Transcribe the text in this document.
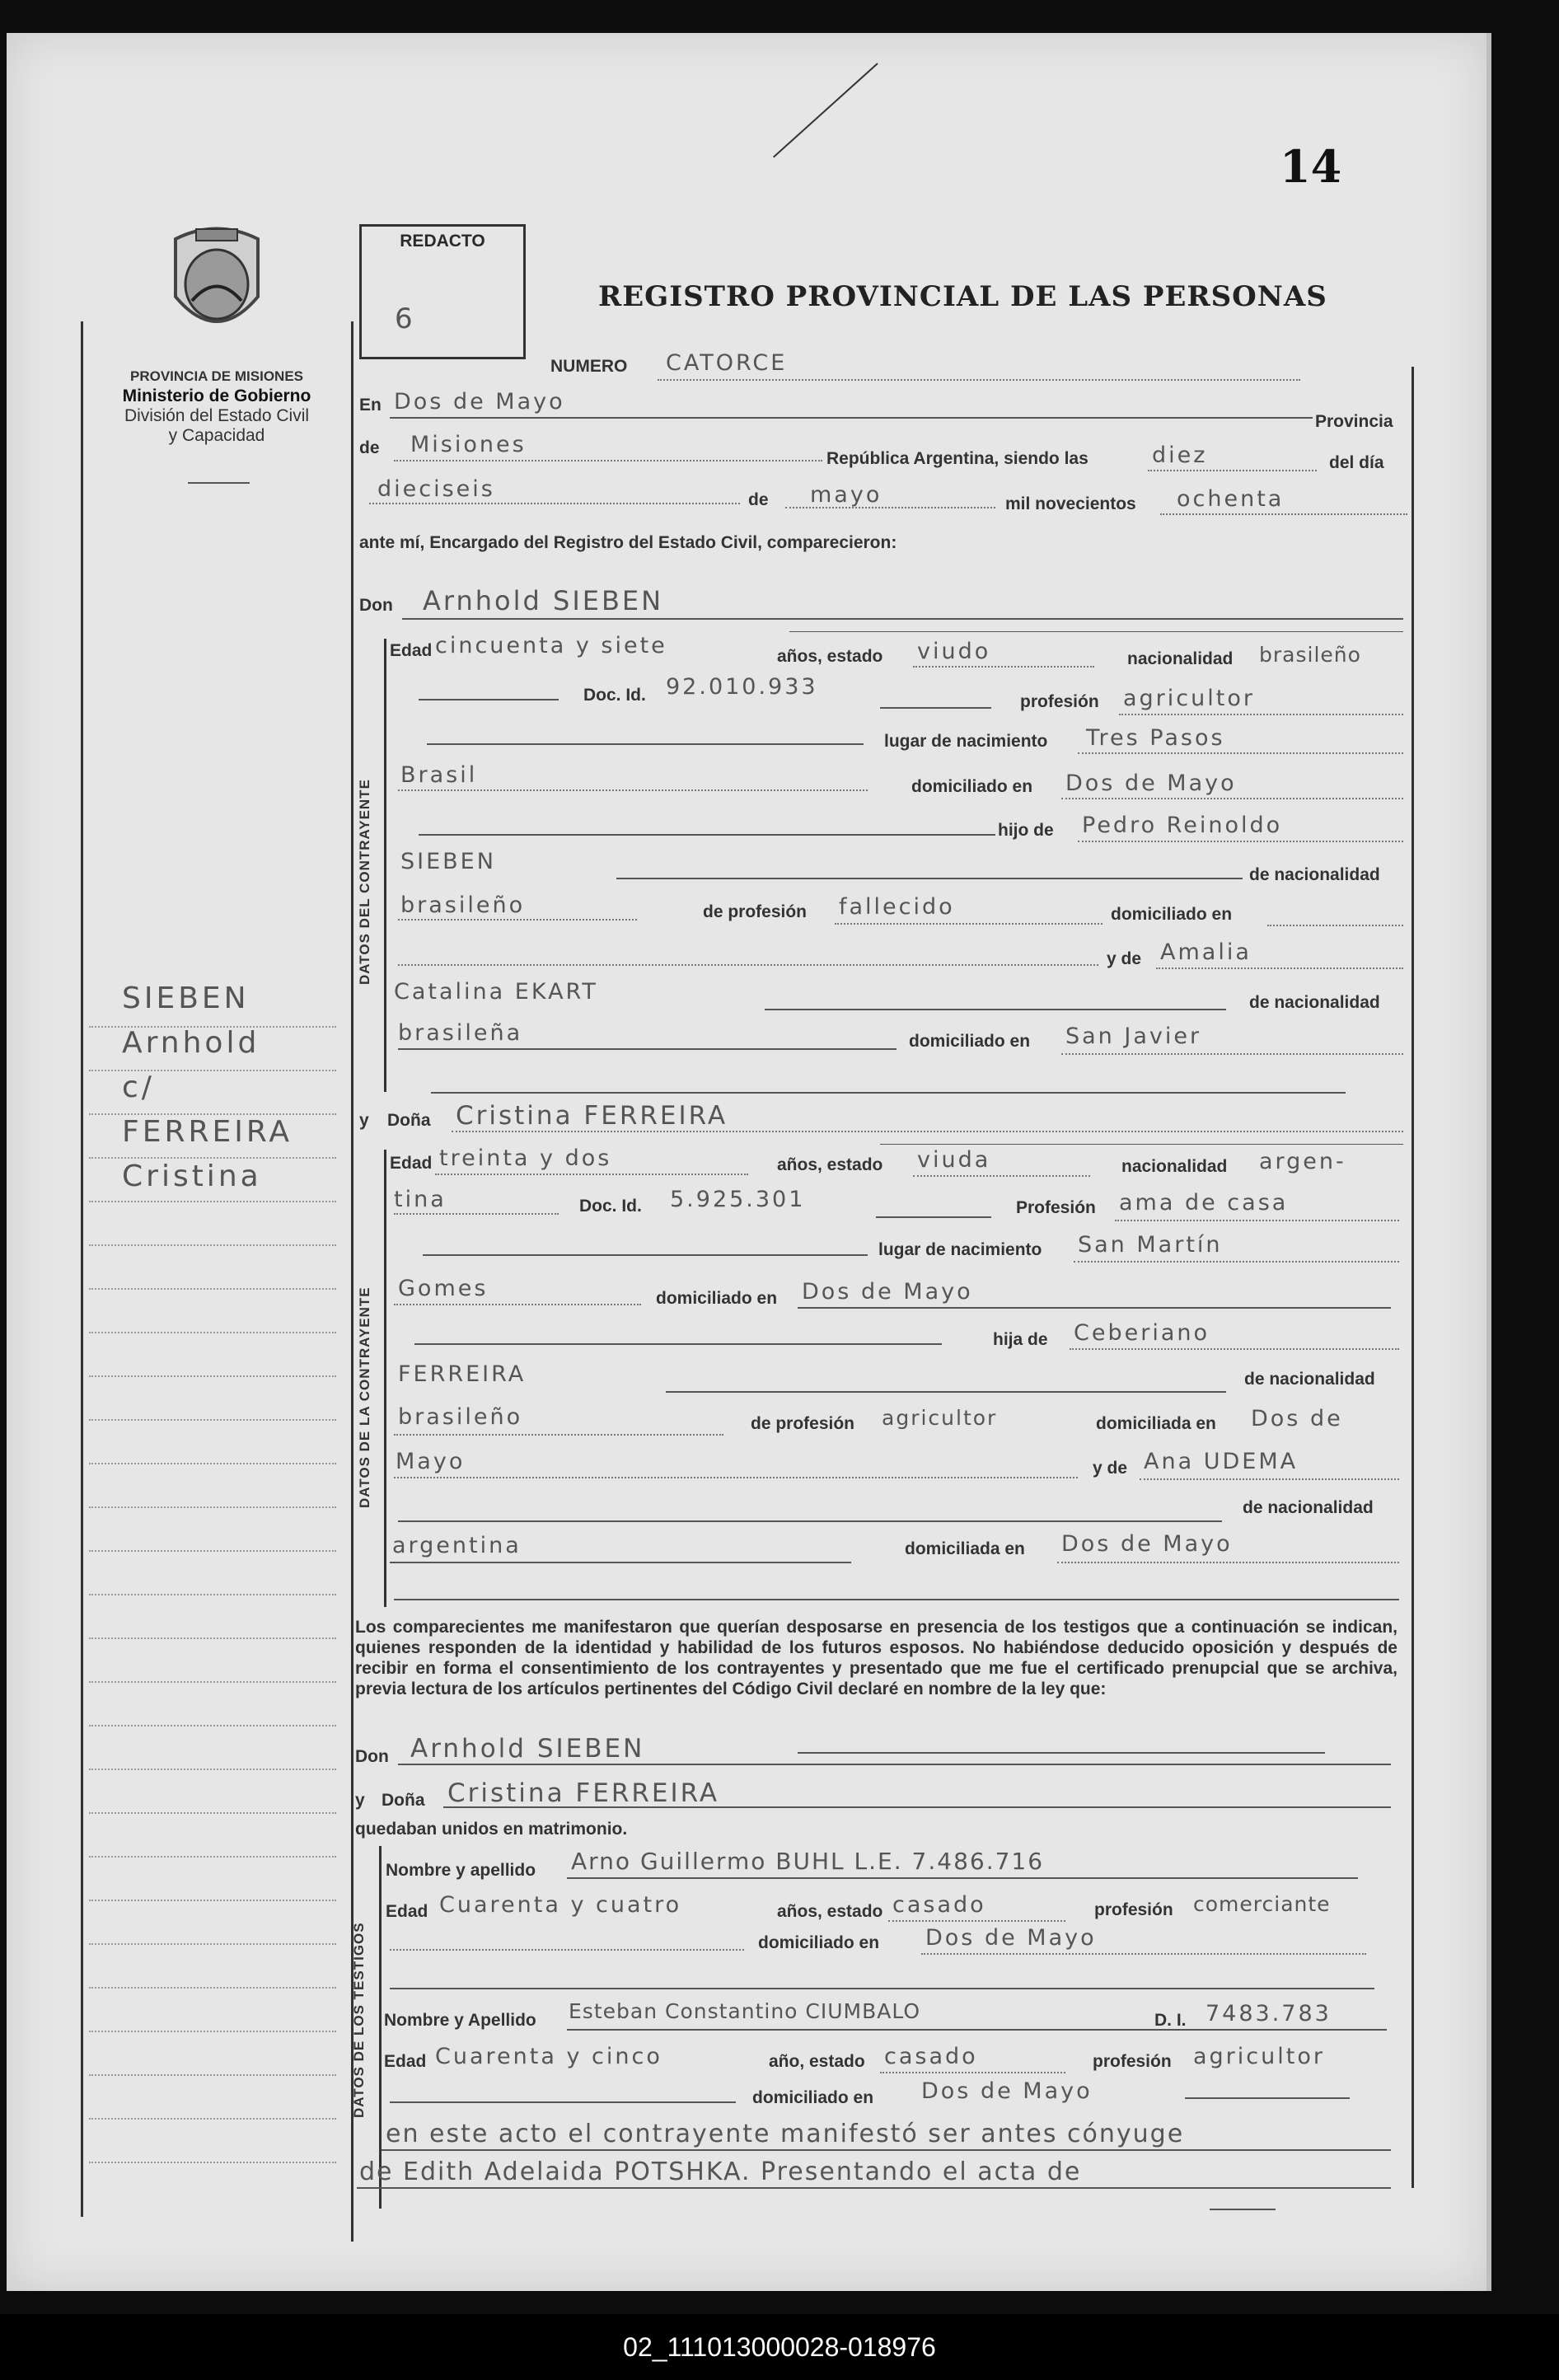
14
PROVINCIA DE MISIONES
Ministerio de Gobierno
División del Estado Civil
y Capacidad
SIEBEN
Arnhold
c/
FERREIRA
Cristina
REDACTO
6
REGISTRO PROVINCIAL DE LAS PERSONAS
NUMERO CATORCE
En Dos de Mayo
Provincia
de Misiones
República Argentina, siendo las	diez	del día
dieciseis	de mayo	mil novecientos ochenta
ante mí, Encargado del Registro del Estado Civil, comparecieron:
Don Arnhold SIEBEN
DATOS DEL CONTRAYENTE
Edad cincuenta y siete	años, estado viudo	nacionalidad brasileño
Doc. Id. 92.010.933
profesión agricultor
lugar de nacimiento Tres Pasos
Brasil	domiciliado en Dos de Mayo
hijo de Pedro Reinoldo
SIEBEN
de nacionalidad
brasileño	de profesión fallecido	domiciliado en
y de Amalia
Catalina EKART	de nacionalidad
brasileña	domiciliado en San Javier
y Doña Cristina FERREIRA
DATOS DE LA CONTRAYENTE
Edad treinta y dos	años, estado viuda	nacionalidad argen-
tina	Doc. Id. 5.925.301	Profesión ama de casa
lugar de nacimiento San Martín
Gomes	domiciliado en Dos de Mayo
hija de Ceberiano
FERREIRA	de nacionalidad
brasileño	de profesión agricultor	domiciliada en Dos de
Mayo	y de Ana UDEMA
de nacionalidad
argentina	domiciliada en Dos de Mayo
Los comparecientes me manifestaron que querían desposarse en presencia de los testigos que a continuación se indican, quienes responden de la identidad y habilidad de los futuros esposos. No habiéndose deducido oposición y después de recibir en forma el consentimiento de los contrayentes y presentado que me fue el certificado prenupcial que se archiva, previa lectura de los artículos pertinentes del Código Civil declaré en nombre de la ley que:
Don Arnhold SIEBEN
y Doña Cristina FERREIRA
quedaban unidos en matrimonio.
DATOS DE LOS TESTIGOS
Nombre y apellido Arno Guillermo BUHL L.E. 7.486.716
Edad Cuarenta y cuatro	años, estado casado	profesión comerciante
domiciliado en Dos de Mayo
Nombre y Apellido Esteban Constantino CIUMBALO	D. I. 7483.783
Edad Cuarenta y cinco	año, estado casado	profesión agricultor
domiciliado en Dos de Mayo
en este acto el contrayente manifestó ser antes cónyuge
de Edith Adelaida POTSHKA. Presentando el acta de
02_111013000028-018976
